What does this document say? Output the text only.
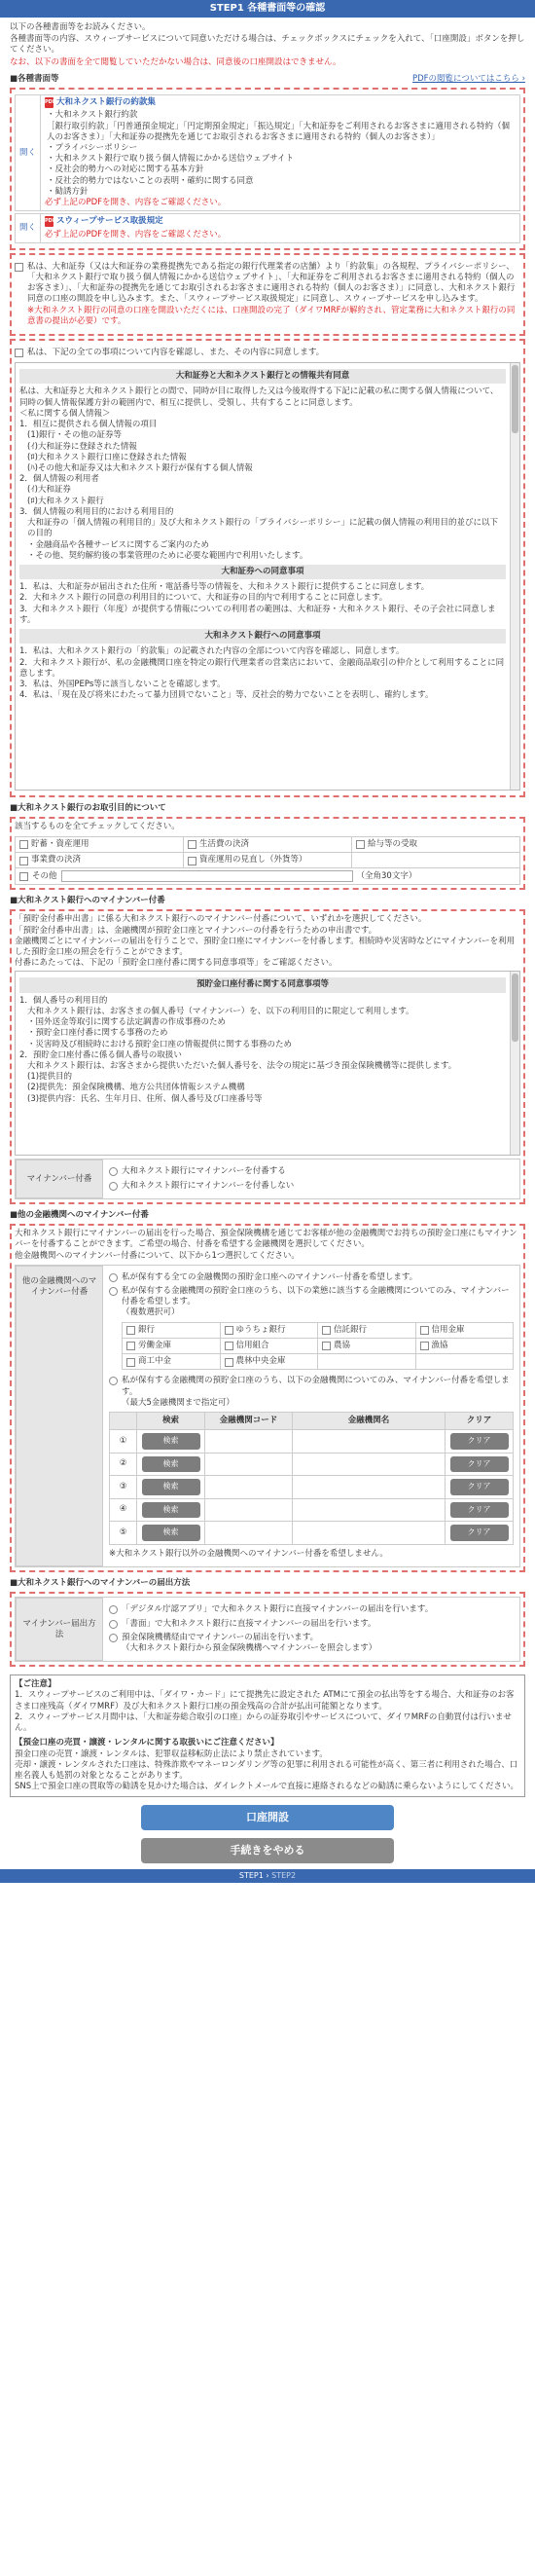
STEP1 各種書面等の確認

以下の各種書面等をお読みください。

各種書面等の内容、スウィープサービスについて同意いただける場合は、チェックボックスにチェックを入れて、「口座開設」ボタンを押してください。

なお、以下の書面を全て閲覧していただかない場合は、同意後の口座開設はできません。

■各種書面等	PDFの閲覧についてはこちら ›
開く
PDF 大和ネクスト銀行の約款集
・大和ネクスト銀行約款
［銀行取引約款」「円普通預金規定」「円定期預金規定」「振込規定」「大和証券をご利用されるお客さまに適用される特約（個人のお客さま）」「大和証券の提携先を通じてお取引されるお客さまに適用される特約（個人のお客さま）」
・プライバシーポリシー
・大和ネクスト銀行で取り扱う個人情報にかかる送信ウェブサイト
・反社会的勢力への対応に関する基本方針
・反社会的勢力ではないことの表明・確約に関する同意
・勧誘方針
必ず上記のPDFを開き、内容をご確認ください。
開く
PDF スウィープサービス取扱規定
必ず上記のPDFを開き、内容をご確認ください。
私は、大和証券（又は大和証券の業務提携先である指定の銀行代理業者の店舗）より「約款集」の各規程、プライバシーポリシー、「大和ネクスト銀行で取り扱う個人情報にかかる送信ウェブサイト」、「大和証券をご利用されるお客さまに適用される特約（個人のお客さま）」、「大和証券の提携先を通じてお取引されるお客さまに適用される特約（個人のお客さま）」に同意し、大和ネクスト銀行同意の口座の開設を申し込みます。また、「スウィープサービス取扱規定」に同意し、スウィープサービスを申し込みます。
※大和ネクスト銀行の同意の口座を開設いただくには、口座開設の完了（ダイワMRFが解約され、管定業務に大和ネクスト銀行の同意書の提出が必要）です。
私は、下記の全ての事項について内容を確認し、また、その内容に同意します。
大和証券と大和ネクスト銀行との情報共有同意

私は、大和証券と大和ネクスト銀行との間で、同時が目に取得した又は今後取得する下記に記載の私に関する個人情報について、同時の個人情報保護方針の範囲内で、相互に提供し、受領し、共有することに同意します。

＜私に関する個人情報＞

1．相互に提供される個人情報の項目

(1)銀行・その他の証券等

(ｲ)大和証券に登録された情報

(ﾛ)大和ネクスト銀行口座に登録された情報

(ﾊ)その他大和証券又は大和ネクスト銀行が保有する個人情報

2．個人情報の利用者

(ｲ)大和証券

(ﾛ)大和ネクスト銀行

3．個人情報の利用目的における利用目的

大和証券の「個人情報の利用目的」及び大和ネクスト銀行の「プライバシーポリシー」に記載の個人情報の利用目的並びに以下の目的

・金融商品や各種サービスに関するご案内のため

・その他、契約解約後の事業管理のために必要な範囲内で利用いたします。

大和証券への同意事項

1．私は、大和証券が届出された住所・電話番号等の情報を、大和ネクスト銀行に提供することに同意します。

2．大和ネクスト銀行の同意の利用目的について、大和証券の目的内で利用することに同意します。

3．大和ネクスト銀行（年度）が提供する情報についての利用者の範囲は、大和証券・大和ネクスト銀行、その子会社に同意します。

大和ネクスト銀行への同意事項

1．私は、大和ネクスト銀行の「約款集」の記載された内容の全部について内容を確認し、同意します。

2．大和ネクスト銀行が、私の金融機関口座を特定の銀行代理業者の営業店において、金融商品取引の仲介として利用することに同意します。

3．私は、外国PEPs等に該当しないことを確認します。

4．私は、「現在及び将来にわたって暴力団員でないこと」等、反社会的勢力でないことを表明し、確約します。

■大和ネクスト銀行のお取引目的について
該当するものを全てチェックしてください。
貯蓄・資産運用	生活費の決済	給与等の受取
事業費の決済	資産運用の見直し（外貨等）
その他	（全角30文字）
■大和ネクスト銀行へのマイナンバー付番

「預貯金付番申出書」に係る大和ネクスト銀行へのマイナンバー付番について、いずれかを選択してください。

「預貯金付番申出書」は、金融機関が預貯金口座とマイナンバーの付番を行うための申出書です。

金融機関ごとにマイナンバーの届出を行うことで、預貯金口座にマイナンバーを付番します。相続時や災害時などにマイナンバーを利用した預貯金口座の照会を行うことができます。

付番にあたっては、下記の「預貯金口座付番に関する同意事項等」をご確認ください。

預貯金口座付番に関する同意事項等

1．個人番号の利用目的

大和ネクスト銀行は、お客さまの個人番号（マイナンバー）を、以下の利用目的に限定して利用します。

・国外送金等取引に関する法定調書の作成事務のため

・預貯金口座付番に関する事務のため

・災害時及び相続時における預貯金口座の情報提供に関する事務のため

2．預貯金口座付番に係る個人番号の取扱い

大和ネクスト銀行は、お客さまから提供いただいた個人番号を、法令の規定に基づき預金保険機構等に提供します。

(1)提供目的

(2)提供先：預金保険機構、地方公共団体情報システム機構

(3)提供内容：氏名、生年月日、住所、個人番号及び口座番号等

マイナンバー付番
大和ネクスト銀行にマイナンバーを付番する
大和ネクスト銀行にマイナンバーを付番しない
■他の金融機関へのマイナンバー付番

大和ネクスト銀行にマイナンバーの届出を行った場合、預金保険機構を通じてお客様が他の金融機関でお持ちの預貯金口座にもマイナンバーを付番することができます。ご希望の場合、付番を希望する金融機関を選択してください。

他金融機関へのマイナンバー付番について、以下から1つ選択してください。

他の金融機関へのマイナンバー付番
私が保有する全ての金融機関の預貯金口座へのマイナンバー付番を希望します。
私が保有する金融機関の預貯金口座のうち、以下の業態に該当する金融機関についてのみ、マイナンバー付番を希望します。
（複数選択可）
銀行	ゆうちょ銀行	信託銀行	信用金庫
労働金庫	信用組合	農協	漁協
商工中金	農林中央金庫
私が保有する金融機関の預貯金口座のうち、以下の金融機関についてのみ、マイナンバー付番を希望します。
（最大5金融機関まで指定可）
	検索	金融機関コード	金融機関名	クリア
①	検索			クリア
②	検索			クリア
③	検索			クリア
④	検索			クリア
⑤	検索			クリア
※大和ネクスト銀行以外の金融機関へのマイナンバー付番を希望しません。
■大和ネクスト銀行へのマイナンバーの届出方法
マイナンバー届出方法
「デジタル庁認アプリ」で大和ネクスト銀行に直接マイナンバーの届出を行います。
「書面」で大和ネクスト銀行に直接マイナンバーの届出を行います。
預金保険機構経由でマイナンバーの届出を行います。
（大和ネクスト銀行から預金保険機構へマイナンバーを照会します）
【ご注意】

1．スウィープサービスのご利用中は、「ダイワ・カード」にて提携先に設定された ATMにて預金の払出等をする場合、大和証券のお客さま口座残高（ダイワMRF）及び大和ネクスト銀行口座の預金残高の合計が払出可能額となります。

2．スウィープサービス月間中は、「大和証券総合取引の口座」からの証券取引やサービスについて、ダイワMRFの自動買付は行いません。

【預金口座の売買・譲渡・レンタルに関する取扱いにご注意ください】

預金口座の売買・譲渡・レンタルは、犯罪収益移転防止法により禁止されています。

売却・譲渡・レンタルされた口座は、特殊詐欺やマネーロンダリング等の犯罪に利用される可能性が高く、第三者に利用された場合、口座名義人も処罰の対象となることがあります。

SNS上で預金口座の買取等の勧誘を見かけた場合は、ダイレクトメールで直接に連絡されるなどの勧誘に乗らないようにしてください。

口座開設
手続きをやめる
STEP1 › STEP2
